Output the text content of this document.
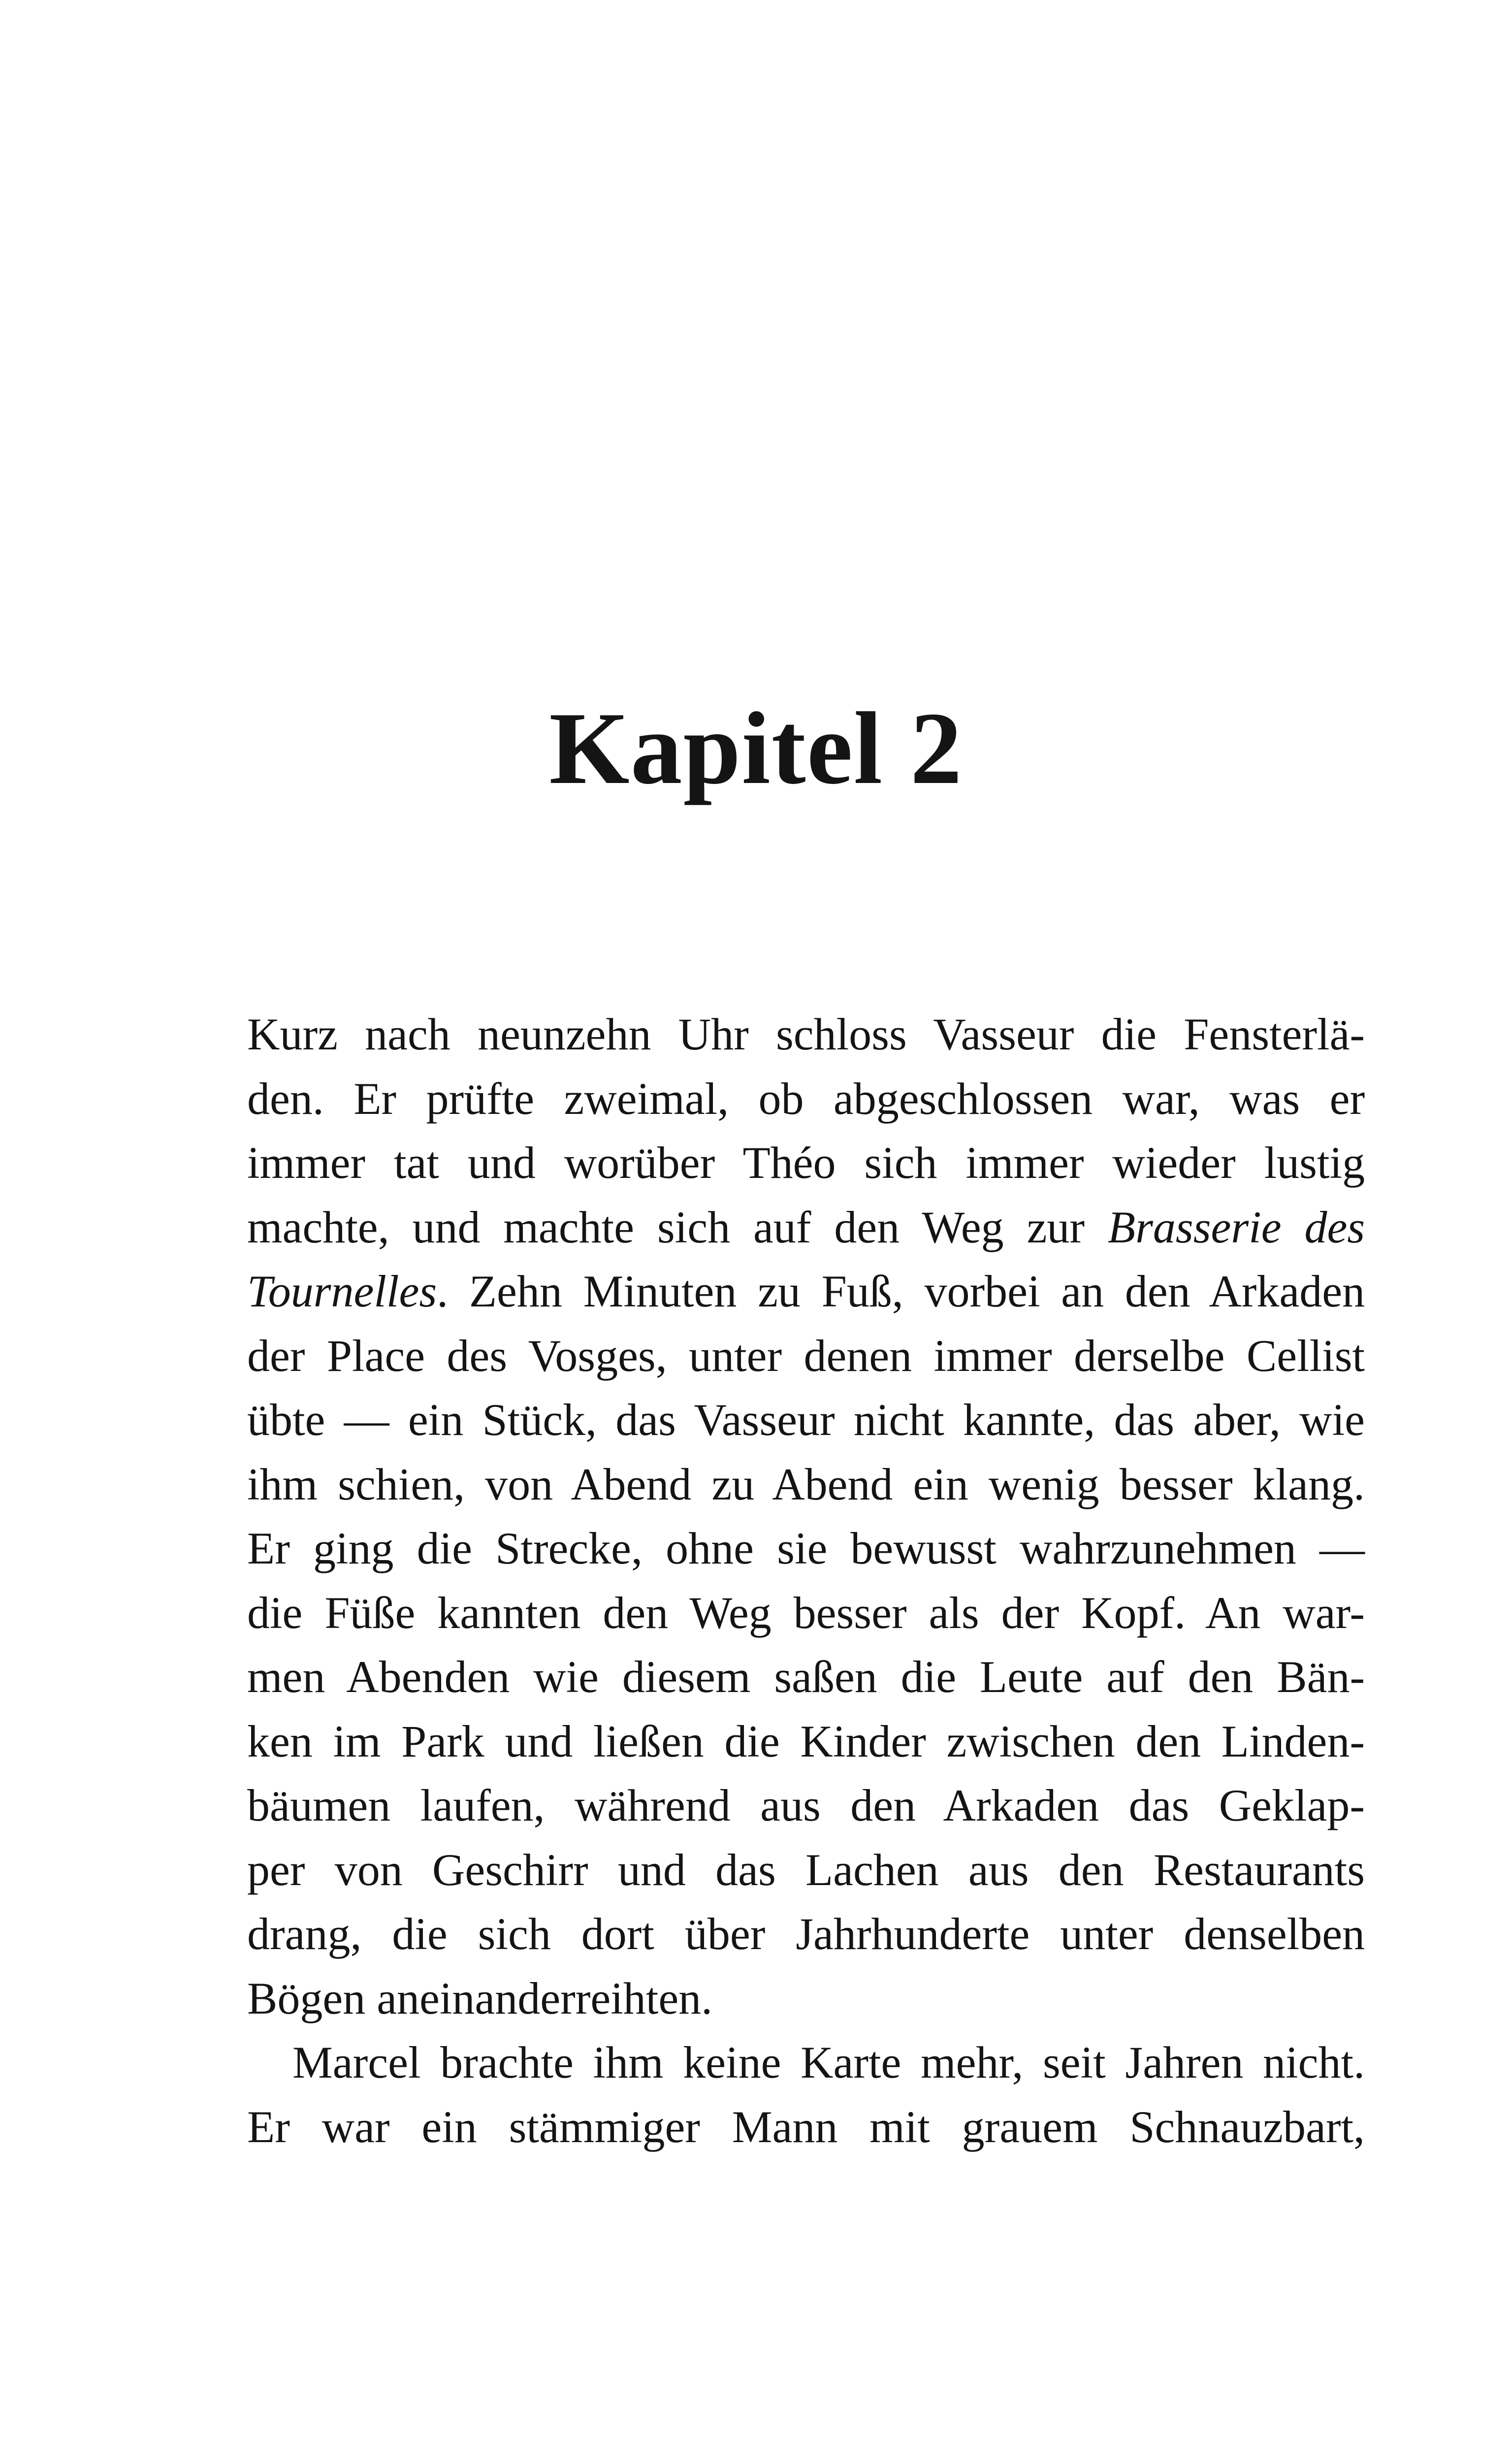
Kapitel 2
Kurz nach neunzehn Uhr schloss Vasseur die Fensterlä-
den. Er prüfte zweimal, ob abgeschlossen war, was er
immer tat und worüber Théo sich immer wieder lustig
machte, und machte sich auf den Weg zur Brasserie des
Tournelles. Zehn Minuten zu Fuß, vorbei an den Arkaden
der Place des Vosges, unter denen immer derselbe Cellist
übte — ein Stück, das Vasseur nicht kannte, das aber, wie
ihm schien, von Abend zu Abend ein wenig besser klang.
Er ging die Strecke, ohne sie bewusst wahrzunehmen —
die Füße kannten den Weg besser als der Kopf. An war-
men Abenden wie diesem saßen die Leute auf den Bän-
ken im Park und ließen die Kinder zwischen den Linden-
bäumen laufen, während aus den Arkaden das Geklap-
per von Geschirr und das Lachen aus den Restaurants
drang, die sich dort über Jahrhunderte unter denselben
Bögen aneinanderreihten.
Marcel brachte ihm keine Karte mehr, seit Jahren nicht.
Er war ein stämmiger Mann mit grauem Schnauzbart,
